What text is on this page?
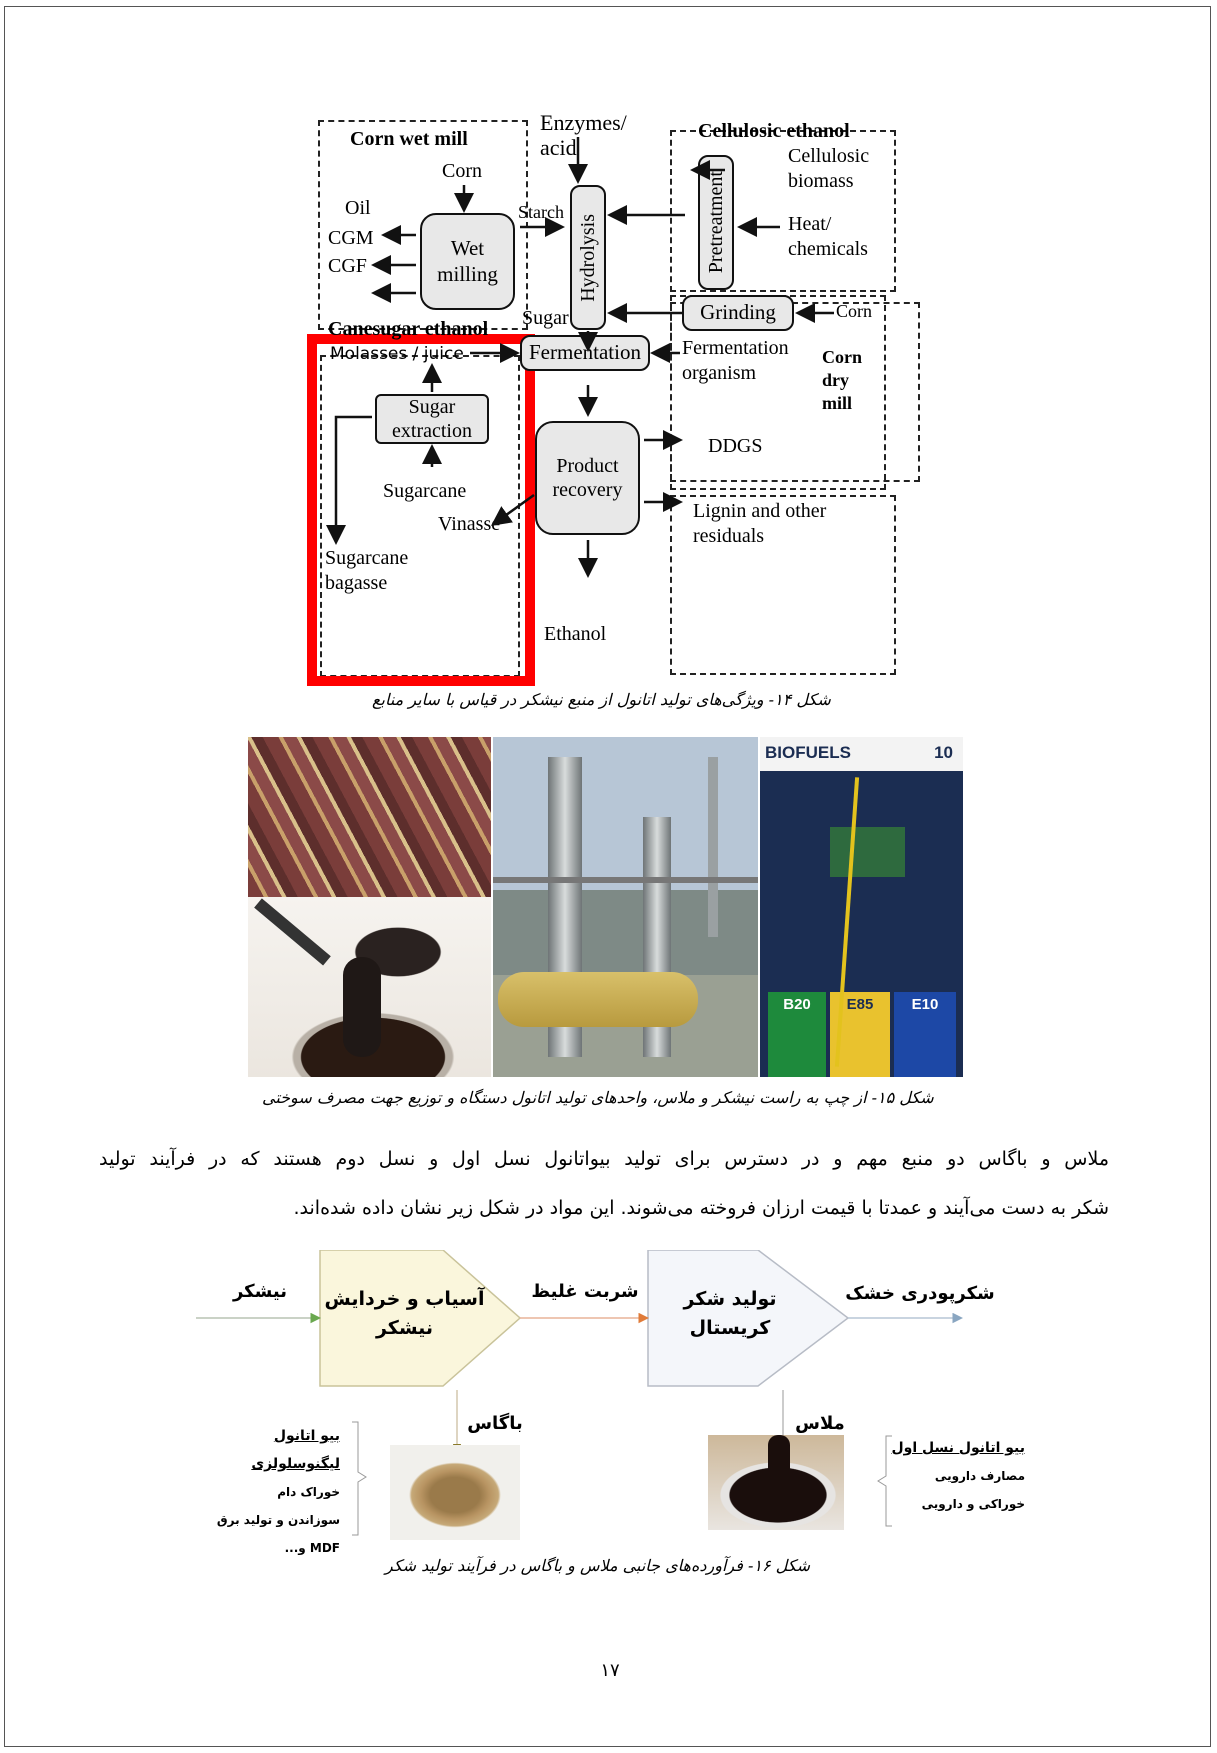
Corn wet mill
Corn
Wet
milling
Oil
CGM
CGF
Starch
Enzymes/
acid
Hydrolysis
Sugar
Cellulosic ethanol
Pretreatment
Cellulosic
biomass
Heat/
chemicals
Grinding	Corn
Corn
dry
mill
DDGS
Canesugar ethanol
Molasses / juice
Sugar
extraction
Sugarcane
Vinasse
Sugarcane
bagasse
Fermentation Fermentation
organism
Product
recovery
Lignin and other
residuals
Ethanol
شکل ۱۴- ویژگی‌های تولید اتانول از منبع نیشکر در قیاس با سایر منابع
BIOFUELS	10
B20	E85	E10
شکل ۱۵- از چپ به راست نیشکر و ملاس، واحدهای تولید اتانول دستگاه و توزیع جهت مصرف سوختی
ملاس و باگاس دو منبع مهم و در دسترس برای تولید بیواتانول نسل اول و نسل دوم هستند که در فرآیند تولید
شکر به دست می‌آیند و عمدتا با قیمت ارزان فروخته می‌شوند. این مواد در شکل زیر نشان داده شده‌اند.
نیشکر آسیاب و خردایش
نیشکر
شربت غلیظ	تولید شکر
کریستال
شکرپودری خشک
باگاس	ملاس
بیو اتانول لیگنوسلولزی
خوراک دام
سوزاندن و تولید برق
MDF و...
بیو اتانول نسل اول
مصارف دارویی
خوراکی و دارویی
شکل ۱۶- فرآورده‌های جانبی ملاس و باگاس در فرآیند تولید شکر
۱۷
